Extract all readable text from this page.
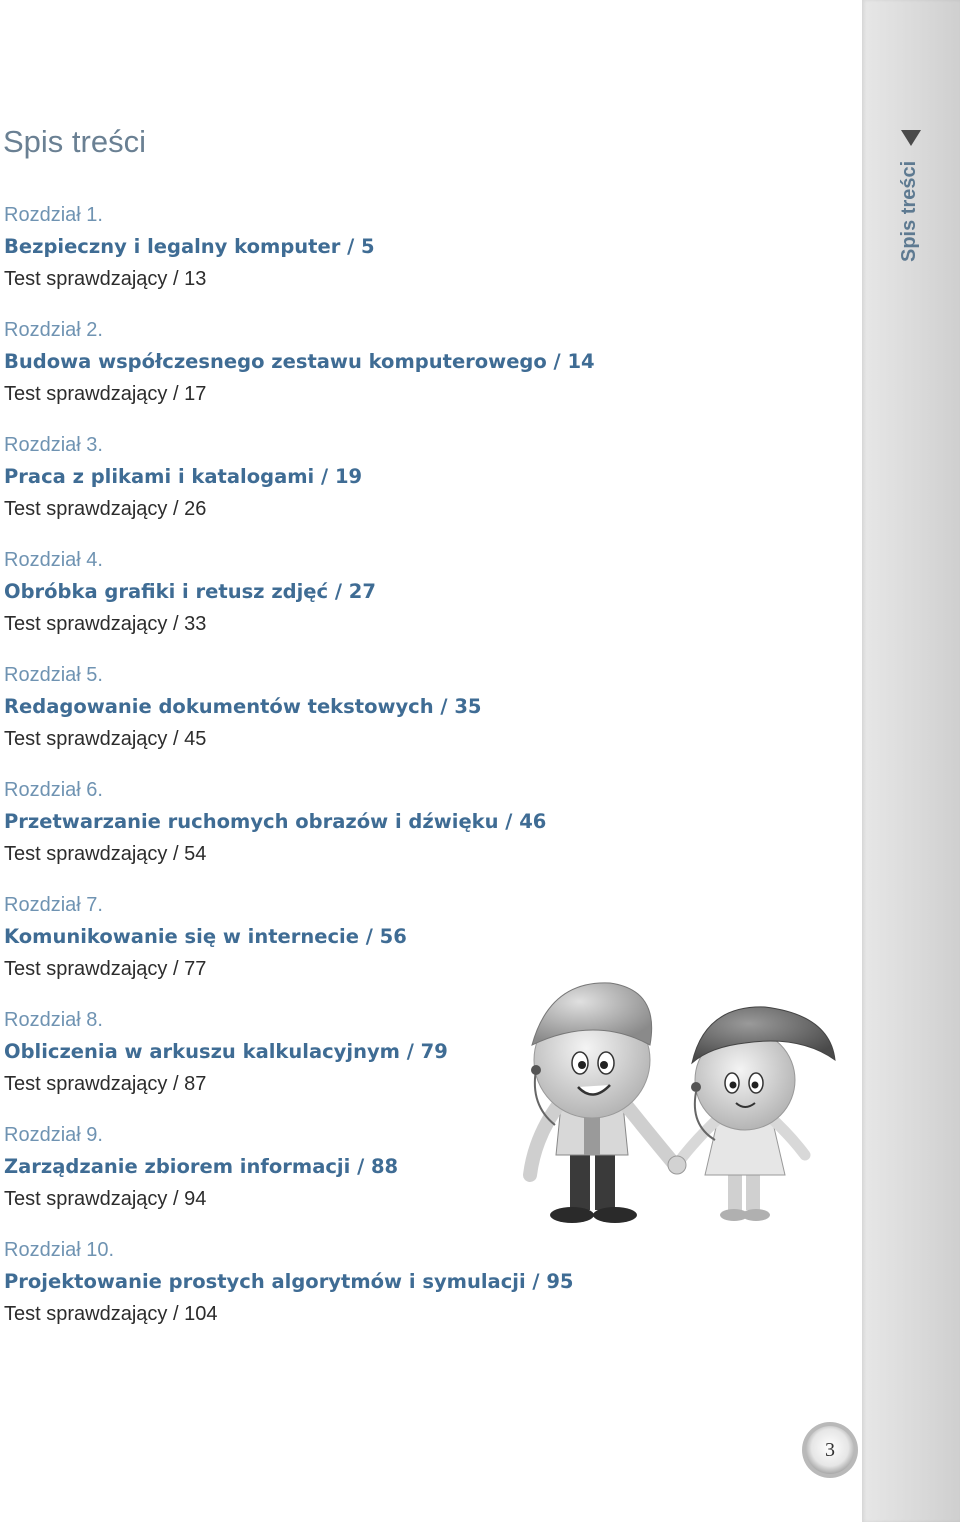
Spis treści
Spis treści
Rozdział 1.
Bezpieczny i legalny komputer / 5
Test sprawdzający / 13
Rozdział 2.
Budowa współczesnego zestawu komputerowego / 14
Test sprawdzający / 17
Rozdział 3.
Praca z plikami i katalogami / 19
Test sprawdzający / 26
Rozdział 4.
Obróbka grafiki i retusz zdjęć / 27
Test sprawdzający / 33
Rozdział 5.
Redagowanie dokumentów tekstowych / 35
Test sprawdzający / 45
Rozdział 6.
Przetwarzanie ruchomych obrazów i dźwięku / 46
Test sprawdzający / 54
Rozdział 7.
Komunikowanie się w internecie / 56
Test sprawdzający / 77
Rozdział 8.
Obliczenia w arkuszu kalkulacyjnym / 79
Test sprawdzający / 87
Rozdział 9.
Zarządzanie zbiorem informacji / 88
Test sprawdzający / 94
Rozdział 10.
Projektowanie prostych algorytmów i symulacji / 95
Test sprawdzający / 104
3
